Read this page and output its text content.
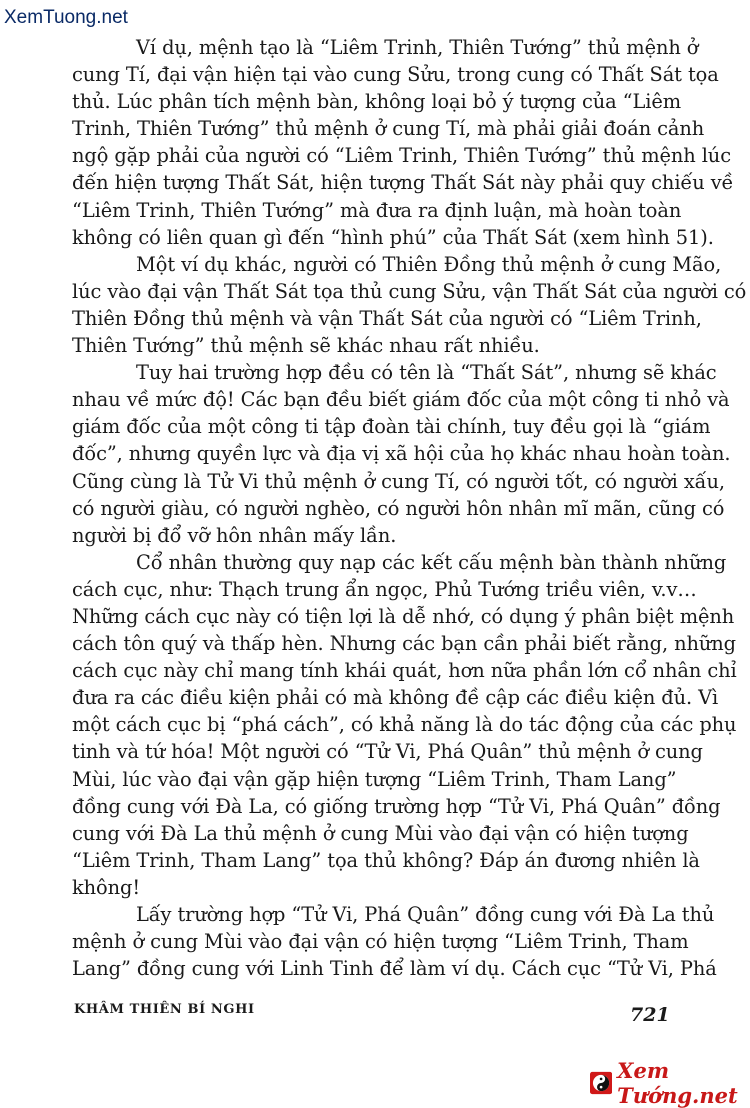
XemTuong.net
Ví dụ, mệnh tạo là “Liêm Trinh, Thiên Tướng” thủ mệnh ở
cung Tí, đại vận hiện tại vào cung Sửu, trong cung có Thất Sát tọa
thủ. Lúc phân tích mệnh bàn, không loại bỏ ý tượng của “Liêm
Trinh, Thiên Tướng” thủ mệnh ở cung Tí, mà phải giải đoán cảnh
ngộ gặp phải của người có “Liêm Trinh, Thiên Tướng” thủ mệnh lúc
đến hiện tượng Thất Sát, hiện tượng Thất Sát này phải quy chiếu về
“Liêm Trinh, Thiên Tướng” mà đưa ra định luận, mà hoàn toàn
không có liên quan gì đến “hình phú” của Thất Sát (xem hình 51).
Một ví dụ khác, người có Thiên Đồng thủ mệnh ở cung Mão,
lúc vào đại vận Thất Sát tọa thủ cung Sửu, vận Thất Sát của người có
Thiên Đồng thủ mệnh và vận Thất Sát của người có “Liêm Trinh,
Thiên Tướng” thủ mệnh sẽ khác nhau rất nhiều.
Tuy hai trường hợp đều có tên là “Thất Sát”, nhưng sẽ khác
nhau về mức độ! Các bạn đều biết giám đốc của một công ti nhỏ và
giám đốc của một công ti tập đoàn tài chính, tuy đều gọi là “giám
đốc”, nhưng quyền lực và địa vị xã hội của họ khác nhau hoàn toàn.
Cũng cùng là Tử Vi thủ mệnh ở cung Tí, có người tốt, có người xấu,
có người giàu, có người nghèo, có người hôn nhân mĩ mãn, cũng có
người bị đổ vỡ hôn nhân mấy lần.
Cổ nhân thường quy nạp các kết cấu mệnh bàn thành những
cách cục, như: Thạch trung ẩn ngọc, Phủ Tướng triều viên, v.v…
Những cách cục này có tiện lợi là dễ nhớ, có dụng ý phân biệt mệnh
cách tôn quý và thấp hèn. Nhưng các bạn cần phải biết rằng, những
cách cục này chỉ mang tính khái quát, hơn nữa phần lớn cổ nhân chỉ
đưa ra các điều kiện phải có mà không đề cập các điều kiện đủ. Vì
một cách cục bị “phá cách”, có khả năng là do tác động của các phụ
tinh và tứ hóa! Một người có “Tử Vi, Phá Quân” thủ mệnh ở cung
Mùi, lúc vào đại vận gặp hiện tượng “Liêm Trinh, Tham Lang”
đồng cung với Đà La, có giống trường hợp “Tử Vi, Phá Quân” đồng
cung với Đà La thủ mệnh ở cung Mùi vào đại vận có hiện tượng
“Liêm Trinh, Tham Lang” tọa thủ không? Đáp án đương nhiên là
không!
Lấy trường hợp “Tử Vi, Phá Quân” đồng cung với Đà La thủ
mệnh ở cung Mùi vào đại vận có hiện tượng “Liêm Trinh, Tham
Lang” đồng cung với Linh Tinh để làm ví dụ. Cách cục “Tử Vi, Phá
KHÂM THIÊN BÍ NGHI	721
Xem Tướng.net
